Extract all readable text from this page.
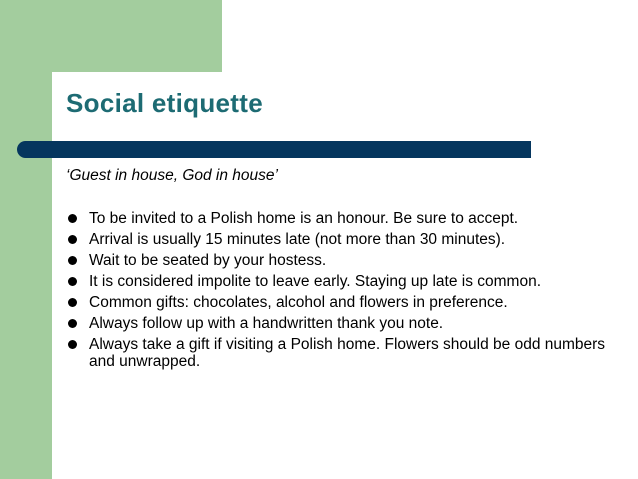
Social etiquette

‘Guest in house, God in house’

To be invited to a Polish home is an honour. Be sure to accept.
Arrival is usually 15 minutes late (not more than 30 minutes).
Wait to be seated by your hostess.
It is considered impolite to leave early. Staying up late is common.
Common gifts: chocolates, alcohol and flowers in preference.
Always follow up with a handwritten thank you note.
Always take a gift if visiting a Polish home. Flowers should be odd numbers and unwrapped.
